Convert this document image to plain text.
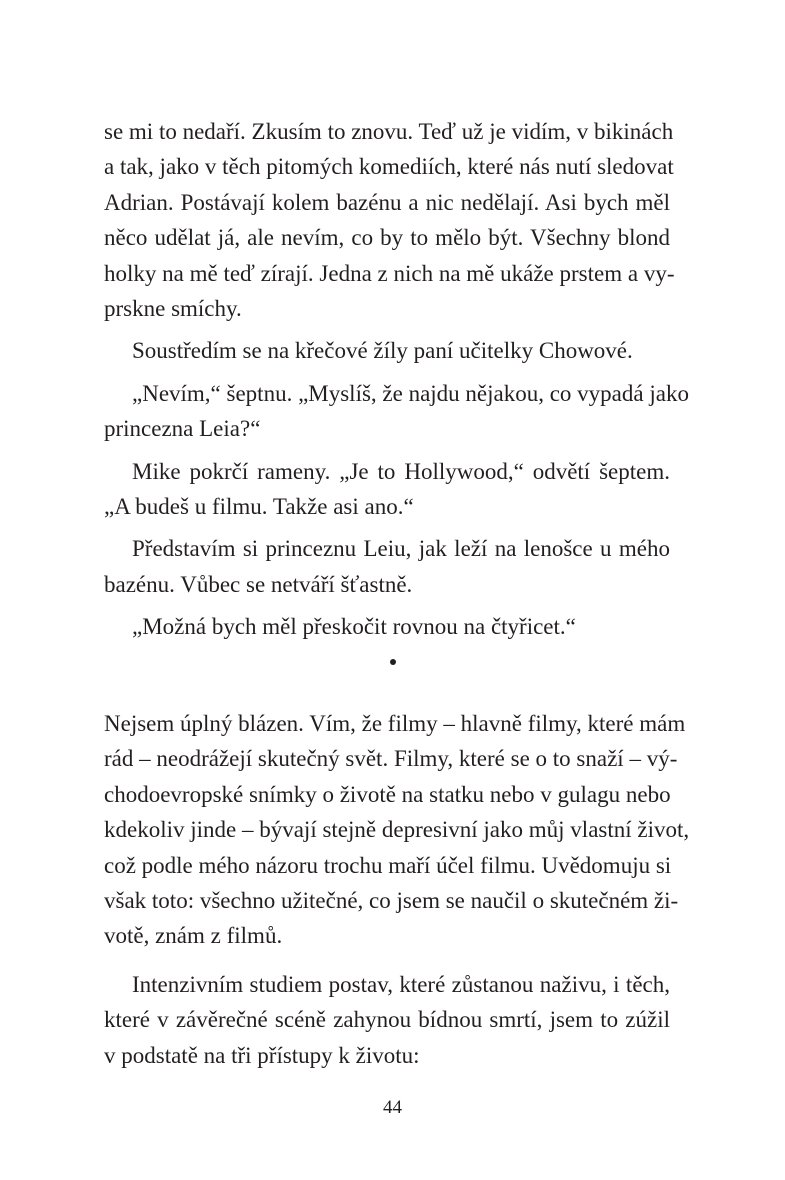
se mi to nedaří. Zkusím to znovu. Teď už je vidím, v bikinách
a tak, jako v těch pitomých komediích, které nás nutí sledovat
Adrian. Postávají kolem bazénu a nic nedělají. Asi bych měl
něco udělat já, ale nevím, co by to mělo být. Všechny blond
holky na mě teď zírají. Jedna z nich na mě ukáže prstem a vy-
prskne smíchy.
Soustředím se na křečové žíly paní učitelky Chowové.
„Nevím,“ šeptnu. „Myslíš, že najdu nějakou, co vypadá jako
princezna Leia?“
Mike pokrčí rameny. „Je to Hollywood,“ odvětí šeptem.
„A budeš u filmu. Takže asi ano.“
Představím si princeznu Leiu, jak leží na lenošce u mého
bazénu. Vůbec se netváří šťastně.
„Možná bych měl přeskočit rovnou na čtyřicet.“
Nejsem úplný blázen. Vím, že filmy – hlavně filmy, které mám
rád – neodrážejí skutečný svět. Filmy, které se o to snaží – vý-
chodoevropské snímky o životě na statku nebo v gulagu nebo
kdekoliv jinde – bývají stejně depresivní jako můj vlastní život,
což podle mého názoru trochu maří účel filmu. Uvědomuju si
však toto: všechno užitečné, co jsem se naučil o skutečném ži-
votě, znám z filmů.
Intenzivním studiem postav, které zůstanou naživu, i těch,
které v závěrečné scéně zahynou bídnou smrtí, jsem to zúžil
v podstatě na tři přístupy k životu:
44
